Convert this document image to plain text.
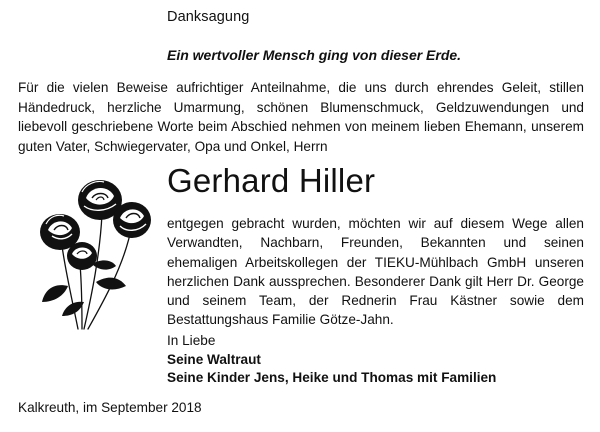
Danksagung
Ein wertvoller Mensch ging von dieser Erde.
Für die vielen Beweise aufrichtiger Anteilnahme, die uns durch ehrendes Geleit, stillen Händedruck, herzliche Umarmung, schönen Blumenschmuck, Geldzuwendungen und liebevoll geschriebene Worte beim Abschied nehmen von meinem lieben Ehemann, unserem guten Vater, Schwiegervater, Opa und Onkel, Herrn
Gerhard Hiller
entgegen gebracht wurden, möchten wir auf diesem Wege allen Verwandten, Nachbarn, Freunden, Bekannten und seinen ehemaligen Arbeitskollegen der TIEKU-Mühlbach GmbH unseren herzlichen Dank aussprechen. Besonderer Dank gilt Herr Dr. George und seinem Team, der Rednerin Frau Kästner sowie dem Bestattungshaus Familie Götze-Jahn.
In Liebe
Seine Waltraut
Seine Kinder Jens, Heike und Thomas mit Familien
Kalkreuth, im September 2018
